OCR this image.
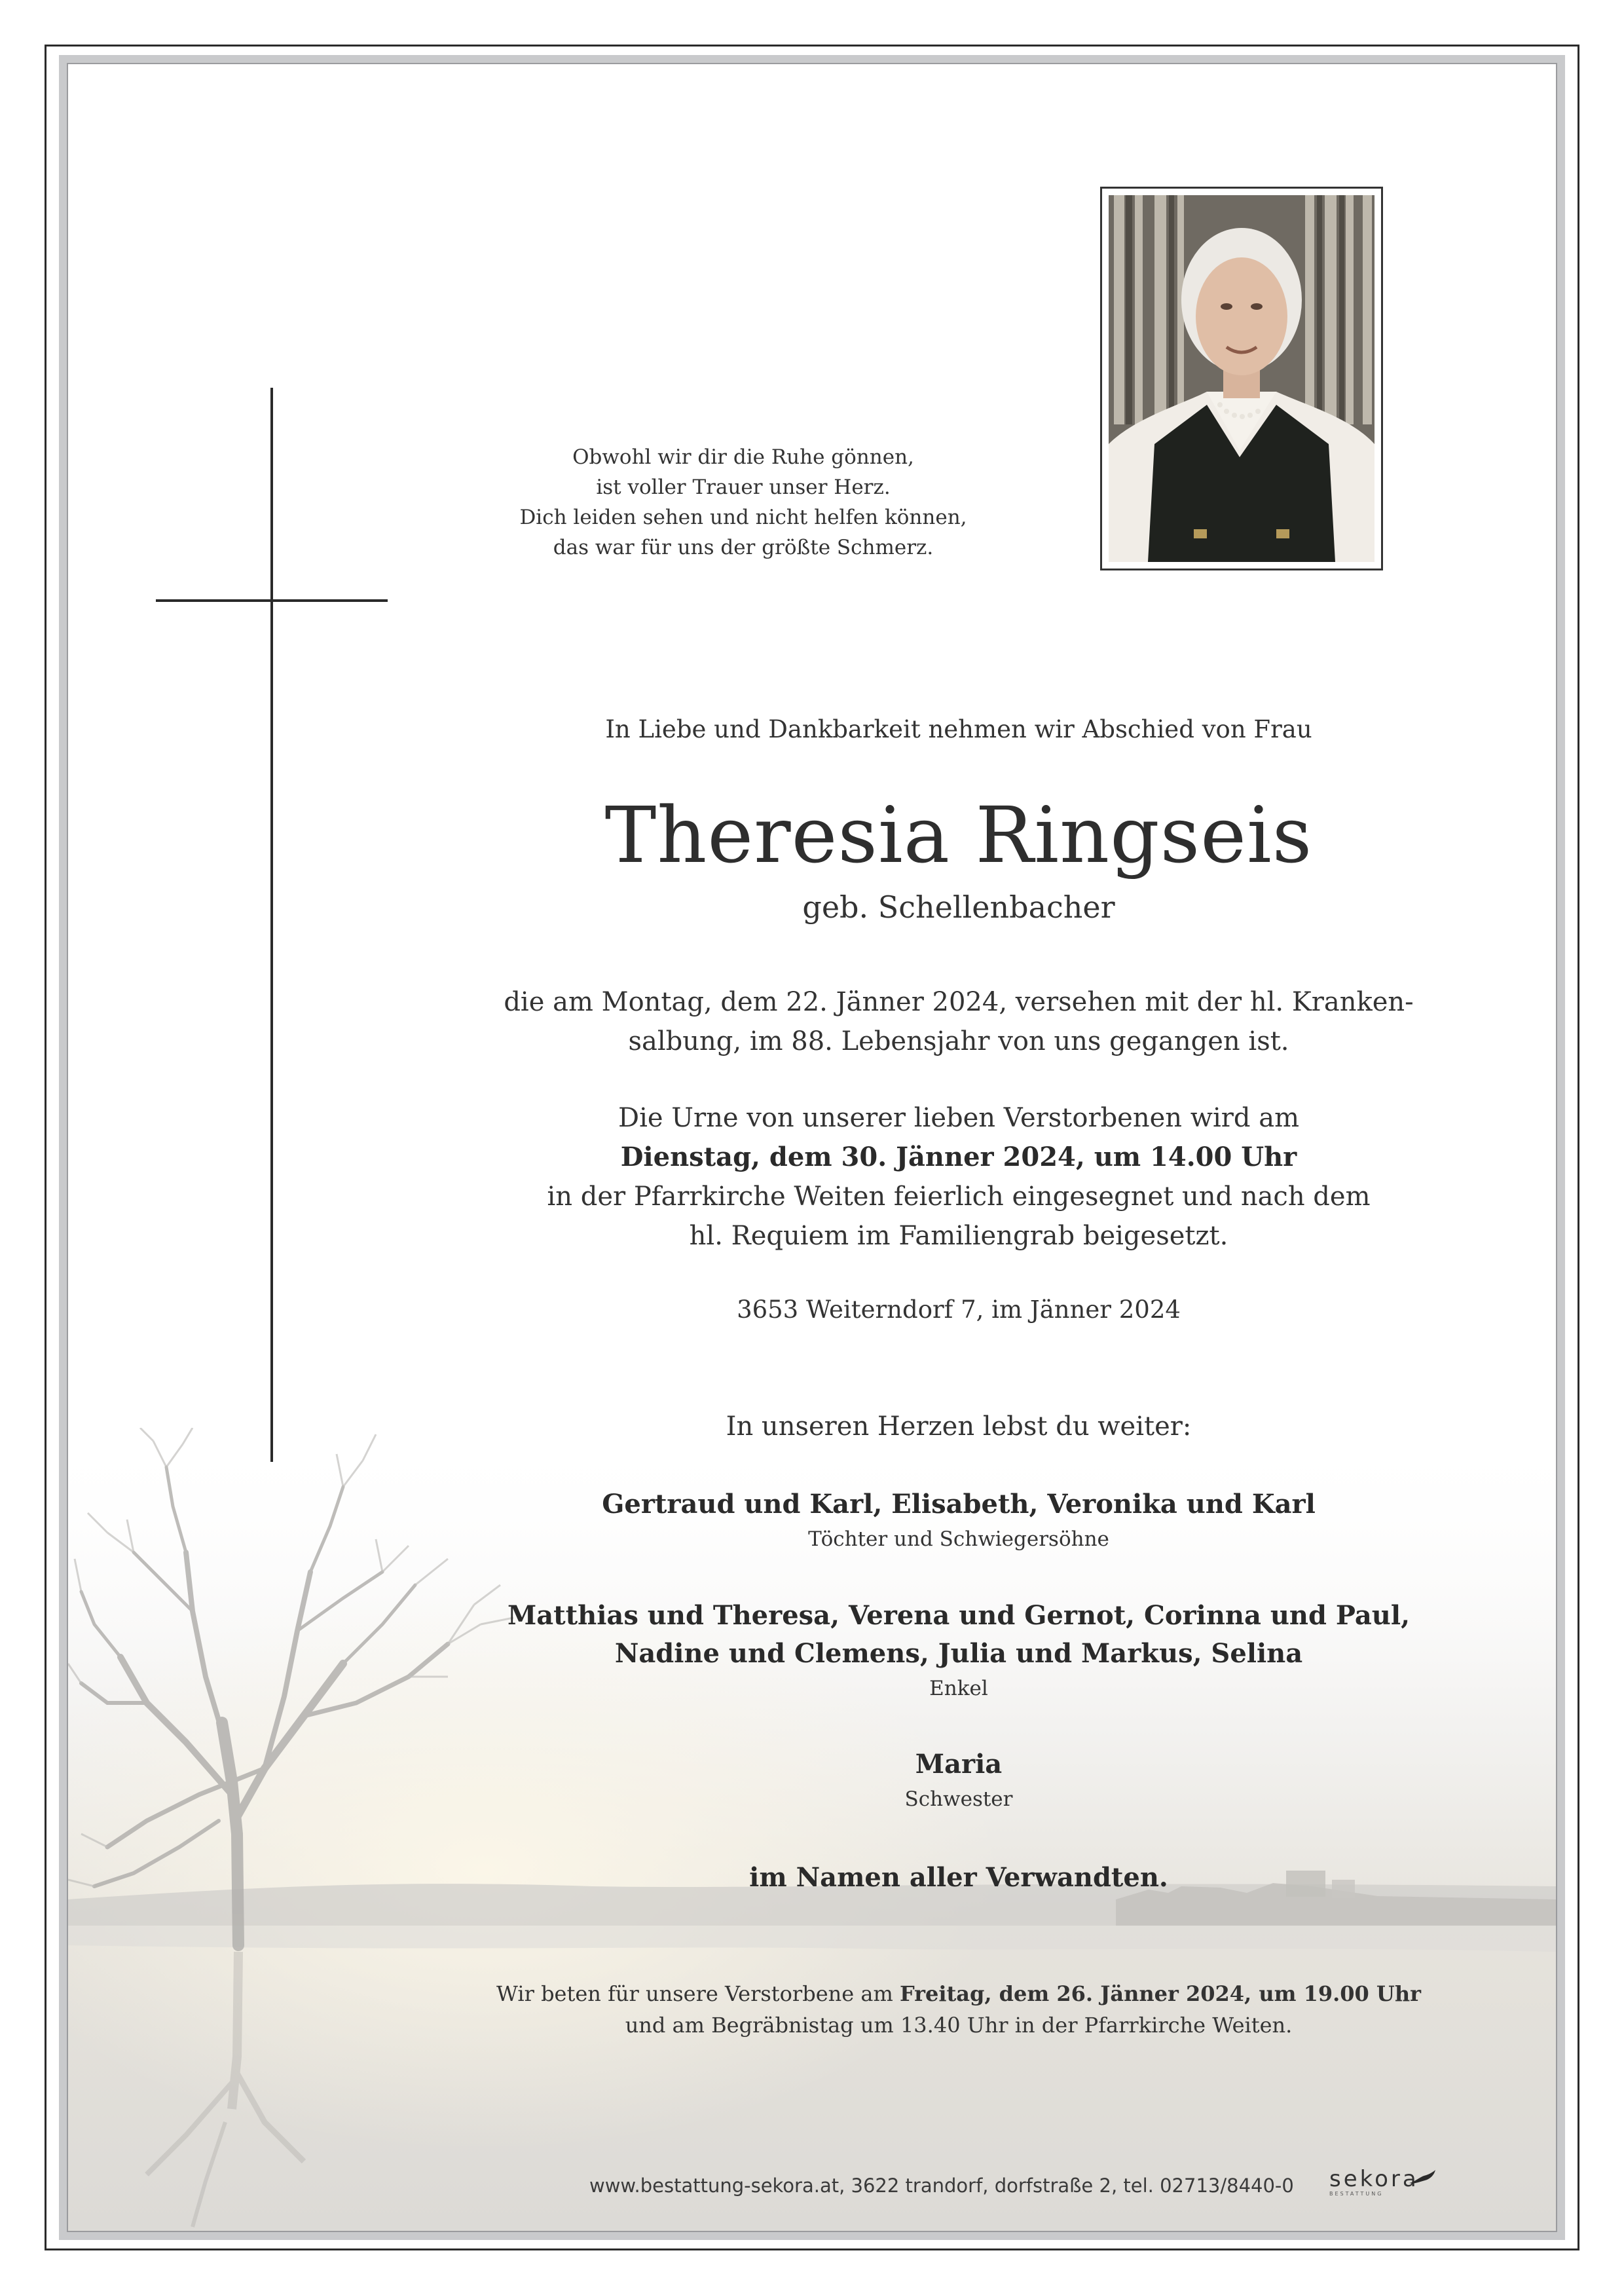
Obwohl wir dir die Ruhe gönnen,
ist voller Trauer unser Herz.
Dich leiden sehen und nicht helfen können,
das war für uns der größte Schmerz.
In Liebe und Dankbarkeit nehmen wir Abschied von Frau
Theresia Ringseis
geb. Schellenbacher
die am Montag, dem 22. Jänner 2024, versehen mit der hl. Kranken-
salbung, im 88. Lebensjahr von uns gegangen ist.
Die Urne von unserer lieben Verstorbenen wird am
Dienstag, dem 30. Jänner 2024, um 14.00 Uhr
in der Pfarrkirche Weiten feierlich eingesegnet und nach dem
hl. Requiem im Familiengrab beigesetzt.
3653 Weiterndorf 7, im Jänner 2024
In unseren Herzen lebst du weiter:
Gertraud und Karl, Elisabeth, Veronika und Karl
Töchter und Schwiegersöhne
Matthias und Theresa, Verena und Gernot, Corinna und Paul,
Nadine und Clemens, Julia und Markus, Selina
Enkel
Maria
Schwester
im Namen aller Verwandten.
Wir beten für unsere Verstorbene am Freitag, dem 26. Jänner 2024, um 19.00 Uhr
und am Begräbnistag um 13.40 Uhr in der Pfarrkirche Weiten.
www.bestattung-sekora.at, 3622 trandorf, dorfstraße 2, tel. 02713/8440-0 sekora
BESTATTUNG
